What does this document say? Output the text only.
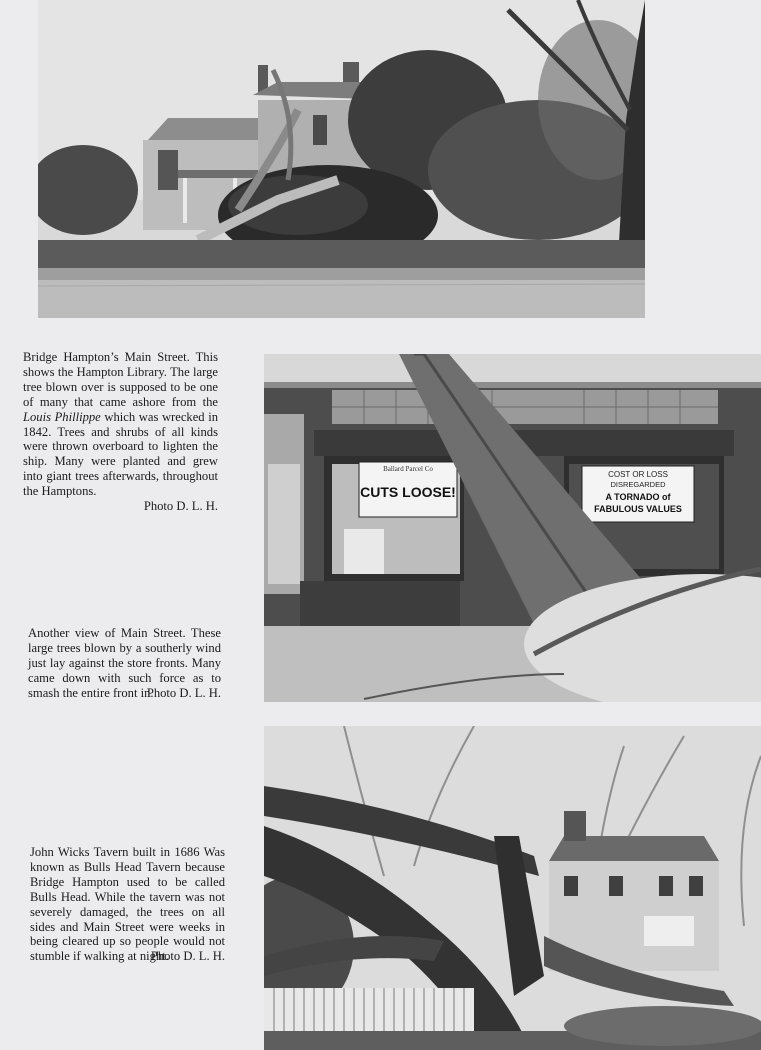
Bridge Hampton’s Main Street. This shows the Hampton Library. The large tree blown over is supposed to be one of many that came ashore from the Louis Phillippe which was wrecked in 1842. Trees and shrubs of all kinds were thrown overboard to lighten the ship. Many were planted and grew into giant trees afterwards, throughout the Hamptons.
Photo D. L. H.

Ballard Parcel Co
CUTS LOOSE!
COST OR LOSS
DISREGARDED
A TORNADO of
FABULOUS VALUES

Another view of Main Street. These large trees blown by a southerly wind just lay against the store fronts. Many came down with such force as to smash the entire front in.
Photo D. L. H.

John Wicks Tavern built in 1686 Was known as Bulls Head Tavern because Bridge Hampton used to be called Bulls Head. While the tavern was not severely damaged, the trees on all sides and Main Street were weeks in being cleared up so people would not stumble if walking at night.
Photo D. L. H.
